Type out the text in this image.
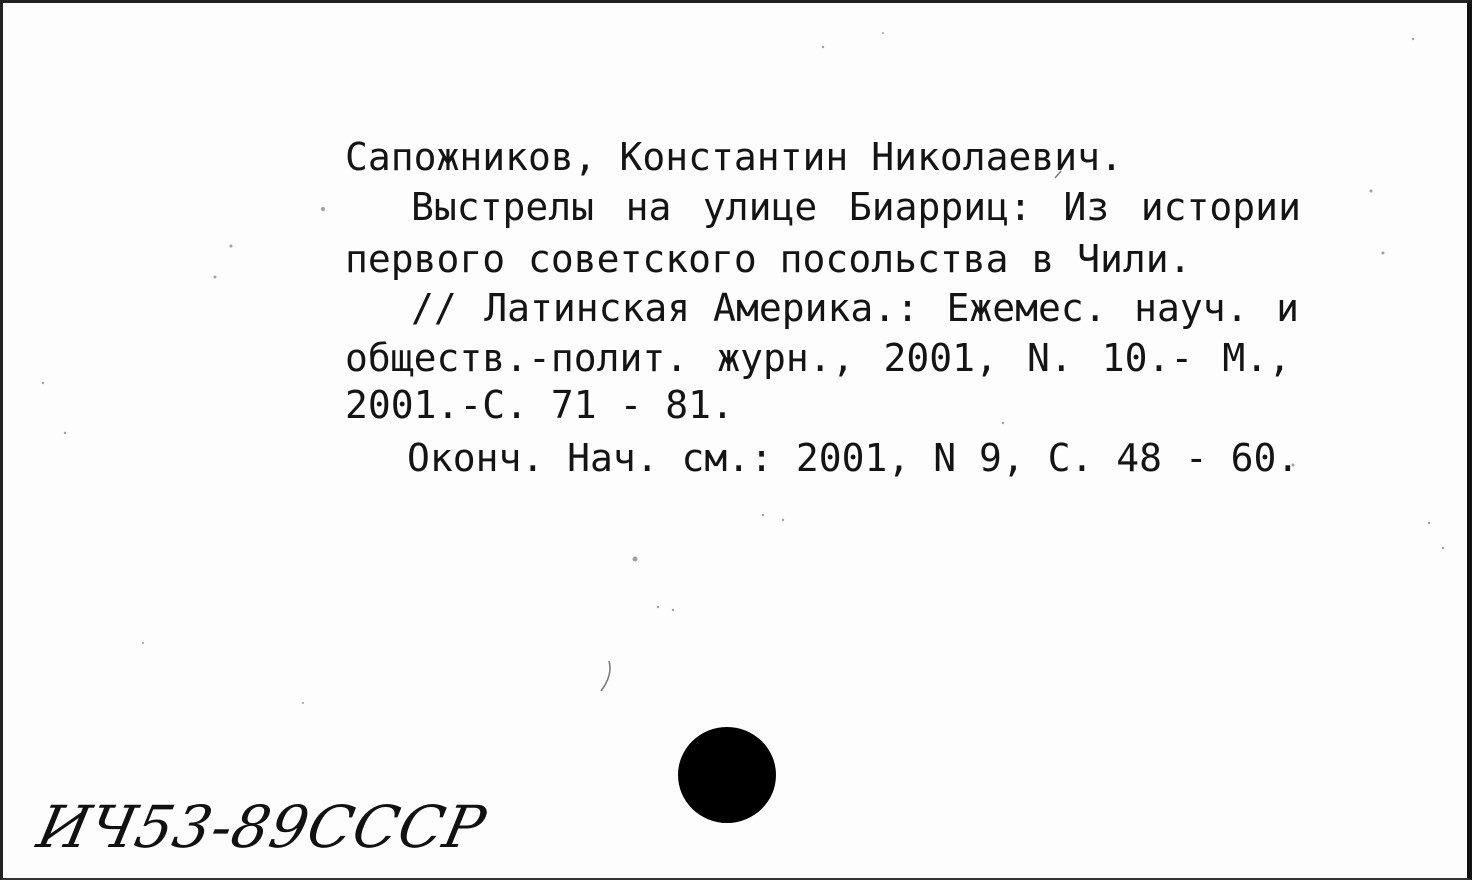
Сапожников, Константин Николаевич.
Выстрелы на улице Биарриц: Из истории
первого советского посольства в Чили.
// Латинская Америка.: Ежемес. науч. и
обществ.-полит. журн., 2001, N. 10.- М.,
2001.-С. 71 - 81.
Оконч. Нач. см.: 2001, N 9, С. 48 - 60.
ИЧ53-89СССР
